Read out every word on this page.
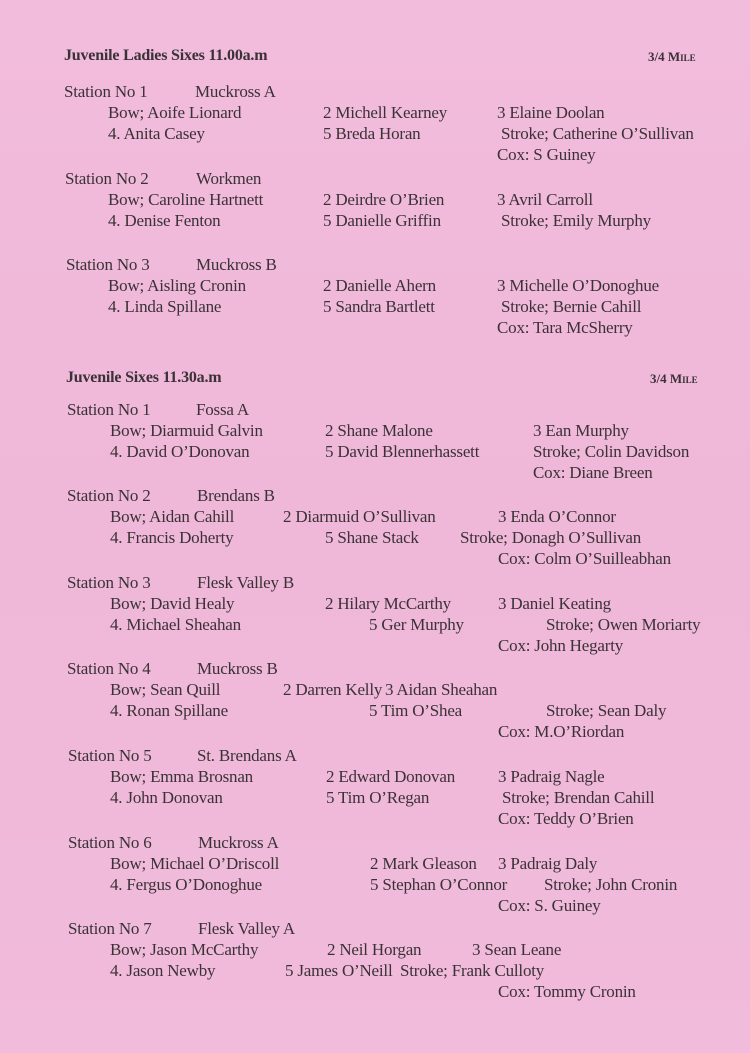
Juvenile Ladies Sixes 11.00a.m	3/4 Mile
Station No 1	Muckross A
Bow; Aoife Lionard	2 Michell Kearney	3 Elaine Doolan
4. Anita Casey	5 Breda Horan	Stroke; Catherine O’Sullivan
Cox: S Guiney
Station No 2	Workmen
Bow; Caroline Hartnett	2 Deirdre O’Brien	3 Avril Carroll
4. Denise Fenton	5 Danielle Griffin	Stroke; Emily Murphy
Station No 3	Muckross B
Bow; Aisling Cronin	2 Danielle Ahern	3 Michelle O’Donoghue
4. Linda Spillane	5 Sandra Bartlett	Stroke; Bernie Cahill
Cox: Tara McSherry
Juvenile Sixes 11.30a.m	3/4 Mile
Station No 1	Fossa A
Bow; Diarmuid Galvin	2 Shane Malone	3 Ean Murphy
4. David O’Donovan	5 David Blennerhassett	Stroke; Colin Davidson
Cox: Diane Breen
Station No 2	Brendans B
Bow; Aidan Cahill	2 Diarmuid O’Sullivan	3 Enda O’Connor
4. Francis Doherty	5 Shane Stack Stroke; Donagh O’Sullivan
Cox: Colm O’Suilleabhan
Station No 3	Flesk Valley B
Bow; David Healy	2 Hilary McCarthy	3 Daniel Keating
4. Michael Sheahan	5 Ger Murphy	Stroke; Owen Moriarty
Cox: John Hegarty
Station No 4	Muckross B
Bow; Sean Quill	2 Darren Kelly 3 Aidan Sheahan
4. Ronan Spillane	5 Tim O’Shea	Stroke; Sean Daly
Cox: M.O’Riordan
Station No 5	St. Brendans A
Bow; Emma Brosnan	2 Edward Donovan	3 Padraig Nagle
4. John Donovan	5 Tim O’Regan	Stroke; Brendan Cahill
Cox: Teddy O’Brien
Station No 6	Muckross A
Bow; Michael O’Driscoll	2 Mark Gleason 3 Padraig Daly
4. Fergus O’Donoghue	5 Stephan O’Connor Stroke; John Cronin
Cox: S. Guiney
Station No 7	Flesk Valley A
Bow; Jason McCarthy	2 Neil Horgan	3 Sean Leane
4. Jason Newby	5 James O’Neill Stroke; Frank Culloty
Cox: Tommy Cronin
